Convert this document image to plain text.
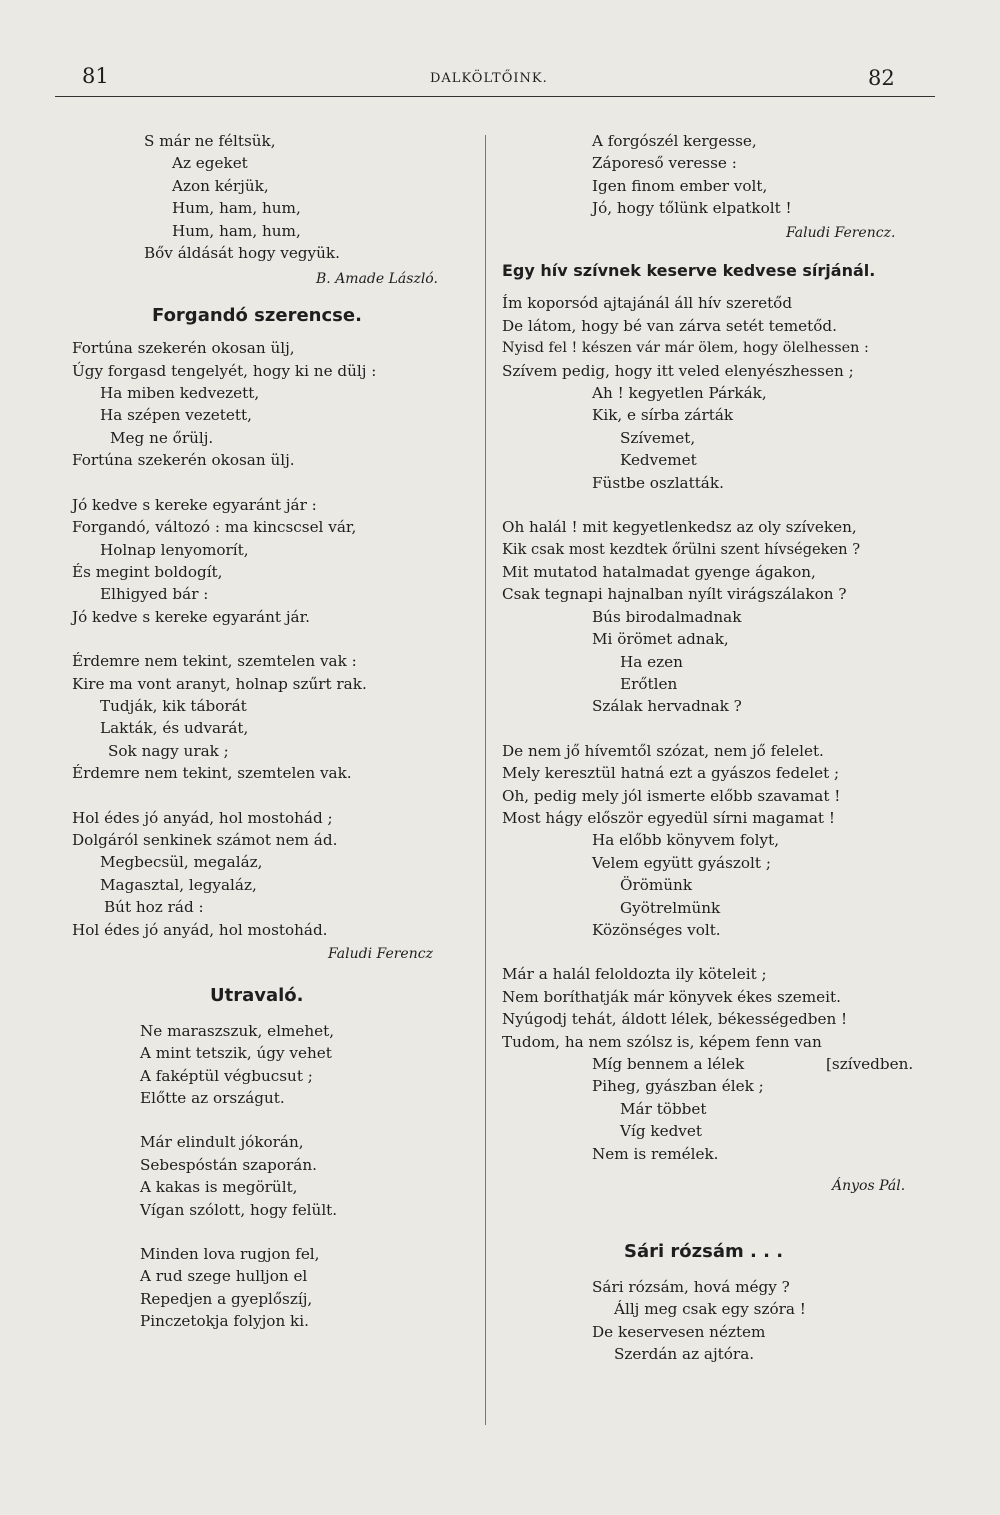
81	DALKÖLTŐINK.	82
S már ne féltsük,
Az egeket
Azon kérjük,
Hum, ham, hum,
Hum, ham, hum,
Bőv áldását hogy vegyük.
B. Amade László.
Forgandó szerencse.
Fortúna szekerén okosan ülj,
Úgy forgasd tengelyét, hogy ki ne dülj :
Ha miben kedvezett,
Ha szépen vezetett,
Meg ne őrülj.
Fortúna szekerén okosan ülj.
Jó kedve s kereke egyaránt jár :
Forgandó, változó : ma kincscsel vár,
Holnap lenyomorít,
És megint boldogít,
Elhigyed bár :
Jó kedve s kereke egyaránt jár.
Érdemre nem tekint, szemtelen vak :
Kire ma vont aranyt, holnap szűrt rak.
Tudják, kik táborát
Lakták, és udvarát,
Sok nagy urak ;
Érdemre nem tekint, szemtelen vak.
Hol édes jó anyád, hol mostohád ;
Dolgáról senkinek számot nem ád.
Megbecsül, megaláz,
Magasztal, legyaláz,
Bút hoz rád :
Hol édes jó anyád, hol mostohád.
Faludi Ferencz
Utravaló.
Ne maraszszuk, elmehet,
A mint tetszik, úgy vehet
A faképtül végbucsut ;
Előtte az országut.
Már elindult jókorán,
Sebespóstán szaporán.
A kakas is megörült,
Vígan szólott, hogy felült.
Minden lova rugjon fel,
A rud szege hulljon el
Repedjen a gyeplőszíj,
Pinczetokja folyjon ki.
A forgószél kergesse,
Záporeső veresse :
Igen finom ember volt,
Jó, hogy tőlünk elpatkolt !
Faludi Ferencz.
Egy hív szívnek keserve kedvese sírjánál.
Ím koporsód ajtajánál áll hív szeretőd
De látom, hogy bé van zárva setét temetőd.
Nyisd fel ! készen vár már ölem, hogy ölelhessen :
Szívem pedig, hogy itt veled elenyészhessen ;
Ah ! kegyetlen Párkák,
Kik, e sírba zárták
Szívemet,
Kedvemet
Füstbe oszlatták.
Oh halál ! mit kegyetlenkedsz az oly szíveken,
Kik csak most kezdtek őrülni szent hívségeken ?
Mit mutatod hatalmadat gyenge ágakon,
Csak tegnapi hajnalban nyílt virágszálakon ?
Bús birodalmadnak
Mi örömet adnak,
Ha ezen
Erőtlen
Szálak hervadnak ?
De nem jő hívemtől szózat, nem jő felelet.
Mely keresztül hatná ezt a gyászos fedelet ;
Oh, pedig mely jól ismerte előbb szavamat !
Most hágy először egyedül sírni magamat !
Ha előbb könyvem folyt,
Velem együtt gyászolt ;
Örömünk
Gyötrelmünk
Közönséges volt.
Már a halál feloldozta ily köteleit ;
Nem boríthatják már könyvek ékes szemeit.
Nyúgodj tehát, áldott lélek, békességedben !
Tudom, ha nem szólsz is, képem fenn van
Míg bennem a lélek	[szívedben.
Piheg, gyászban élek ;
Már többet
Víg kedvet
Nem is remélek.
Ányos Pál.
Sári rózsám . . .
Sári rózsám, hová mégy ?
Állj meg csak egy szóra !
De keservesen néztem
Szerdán az ajtóra.
